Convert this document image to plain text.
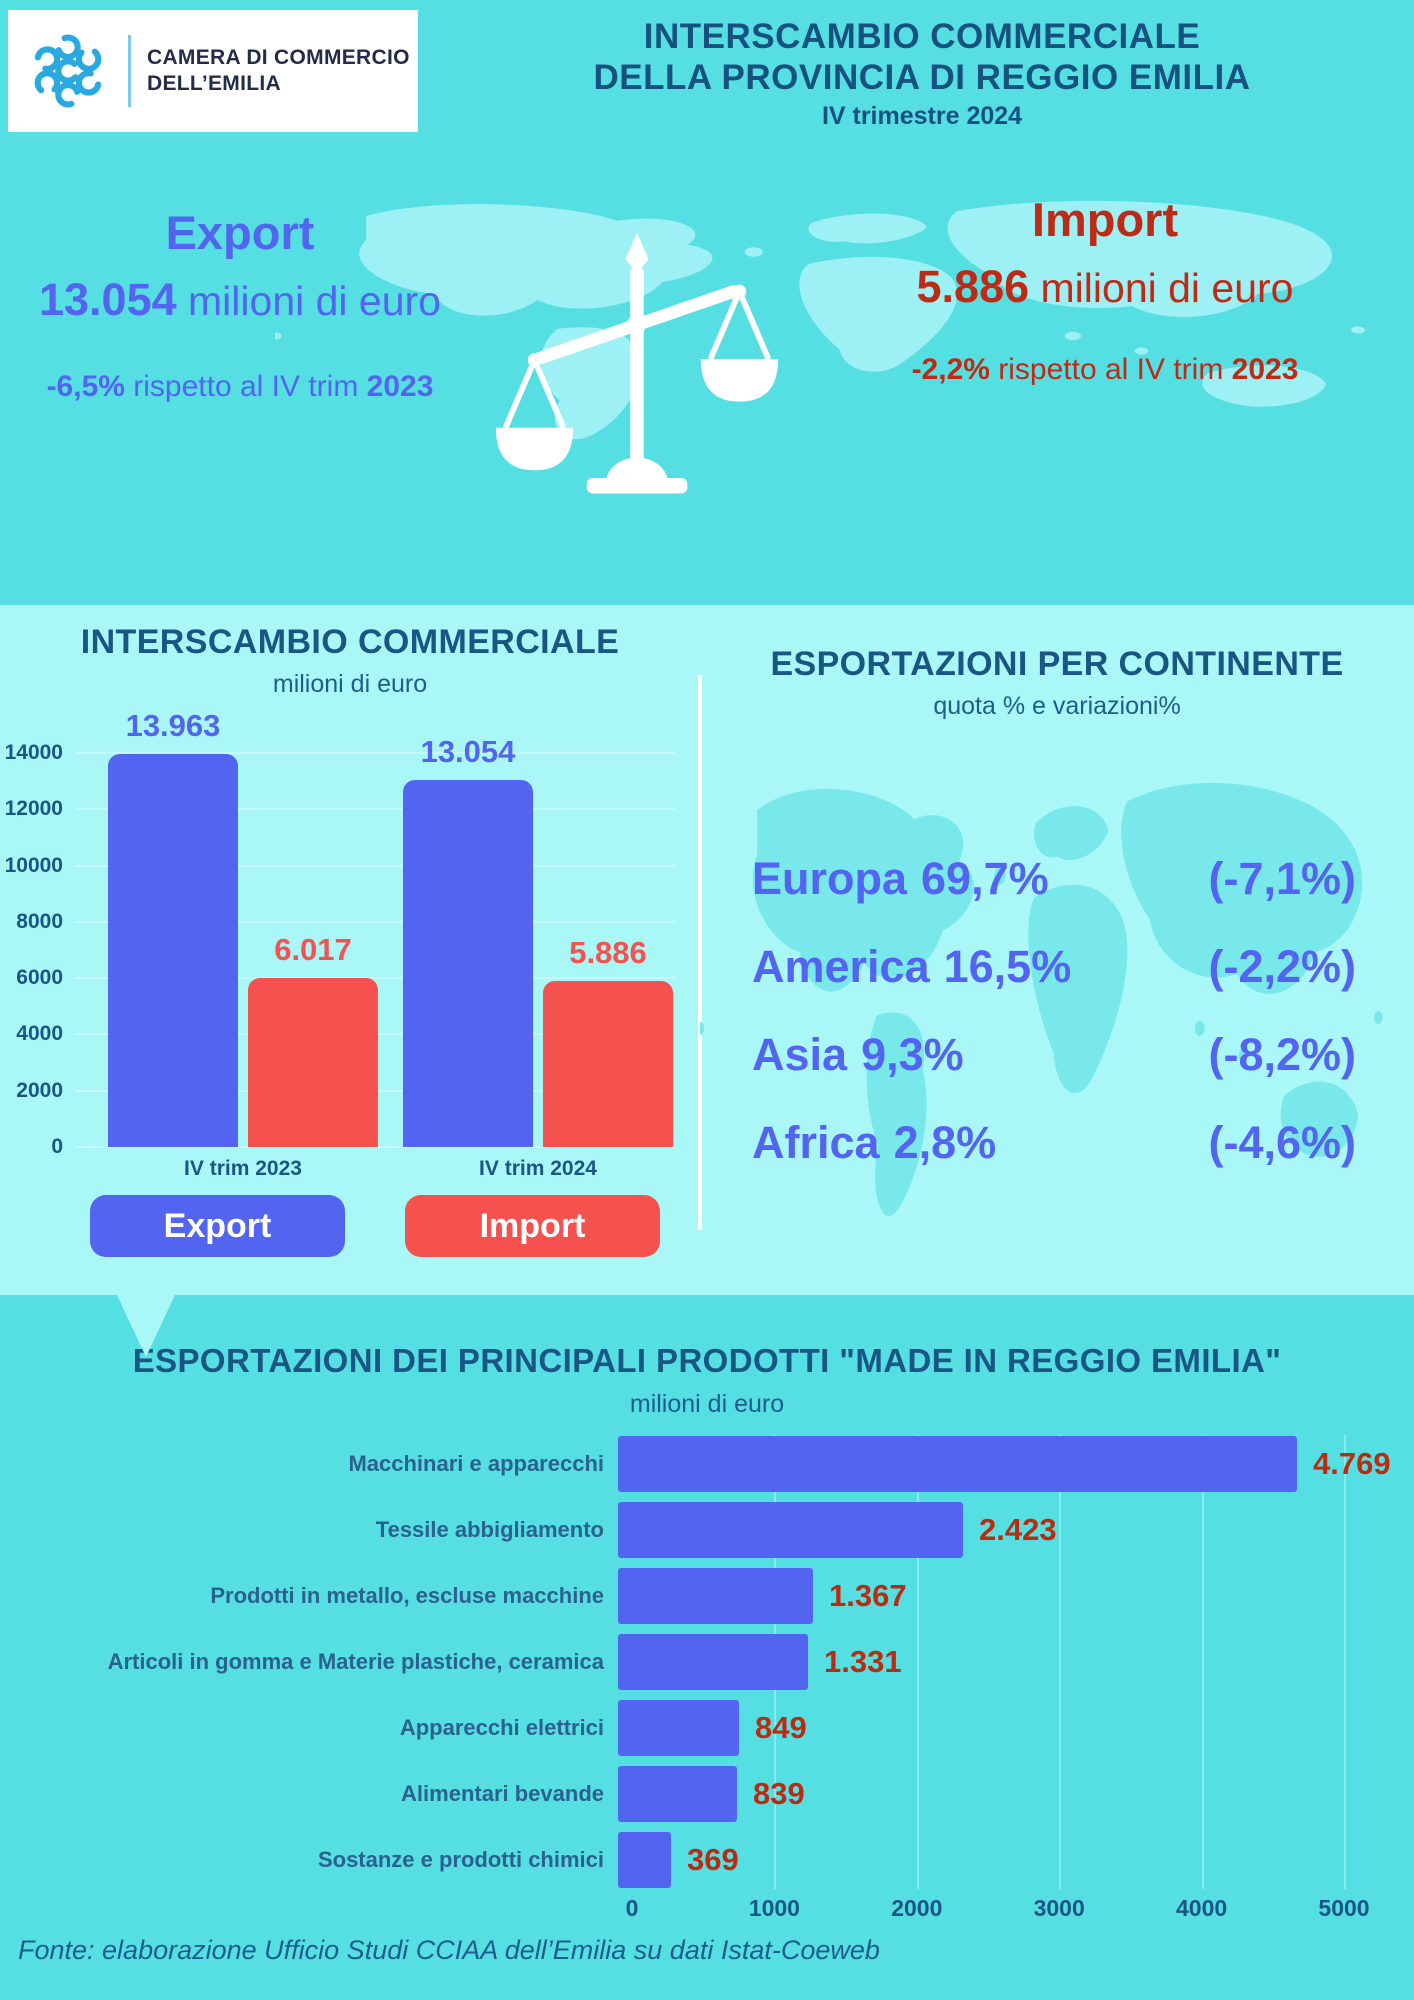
CAMERA DI COMMERCIO
DELL’EMILIA
INTERSCAMBIO COMMERCIALE
DELLA PROVINCIA DI REGGIO EMILIA
IV trimestre 2024
Export
13.054 milioni di euro
-6,5% rispetto al IV trim 2023
Import
5.886 milioni di euro
-2,2% rispetto al IV trim 2023
INTERSCAMBIO COMMERCIALE
milioni di euro
0
2000
4000
6000
8000
10000
12000
14000
13.963
6.017
IV trim 2023
13.054
5.886
IV trim 2024
Export	Import
ESPORTAZIONI PER CONTINENTE
quota % e variazioni%
Europa 69,7%	(-7,1%)
America 16,5%	(-2,2%)
Asia 9,3%	(-8,2%)
Africa 2,8%	(-4,6%)
ESPORTAZIONI DEI PRINCIPALI PRODOTTI "MADE IN REGGIO EMILIA"
milioni di euro
Macchinari e apparecchi	4.769
Tessile abbigliamento	2.423
Prodotti in metallo, escluse macchine	1.367
Articoli in gomma e Materie plastiche, ceramica	1.331
Apparecchi elettrici	849
Alimentari bevande	839
Sostanze e prodotti chimici	369
0	1000	2000	3000	4000	5000
Fonte: elaborazione Ufficio Studi CCIAA dell’Emilia su dati Istat-Coeweb
